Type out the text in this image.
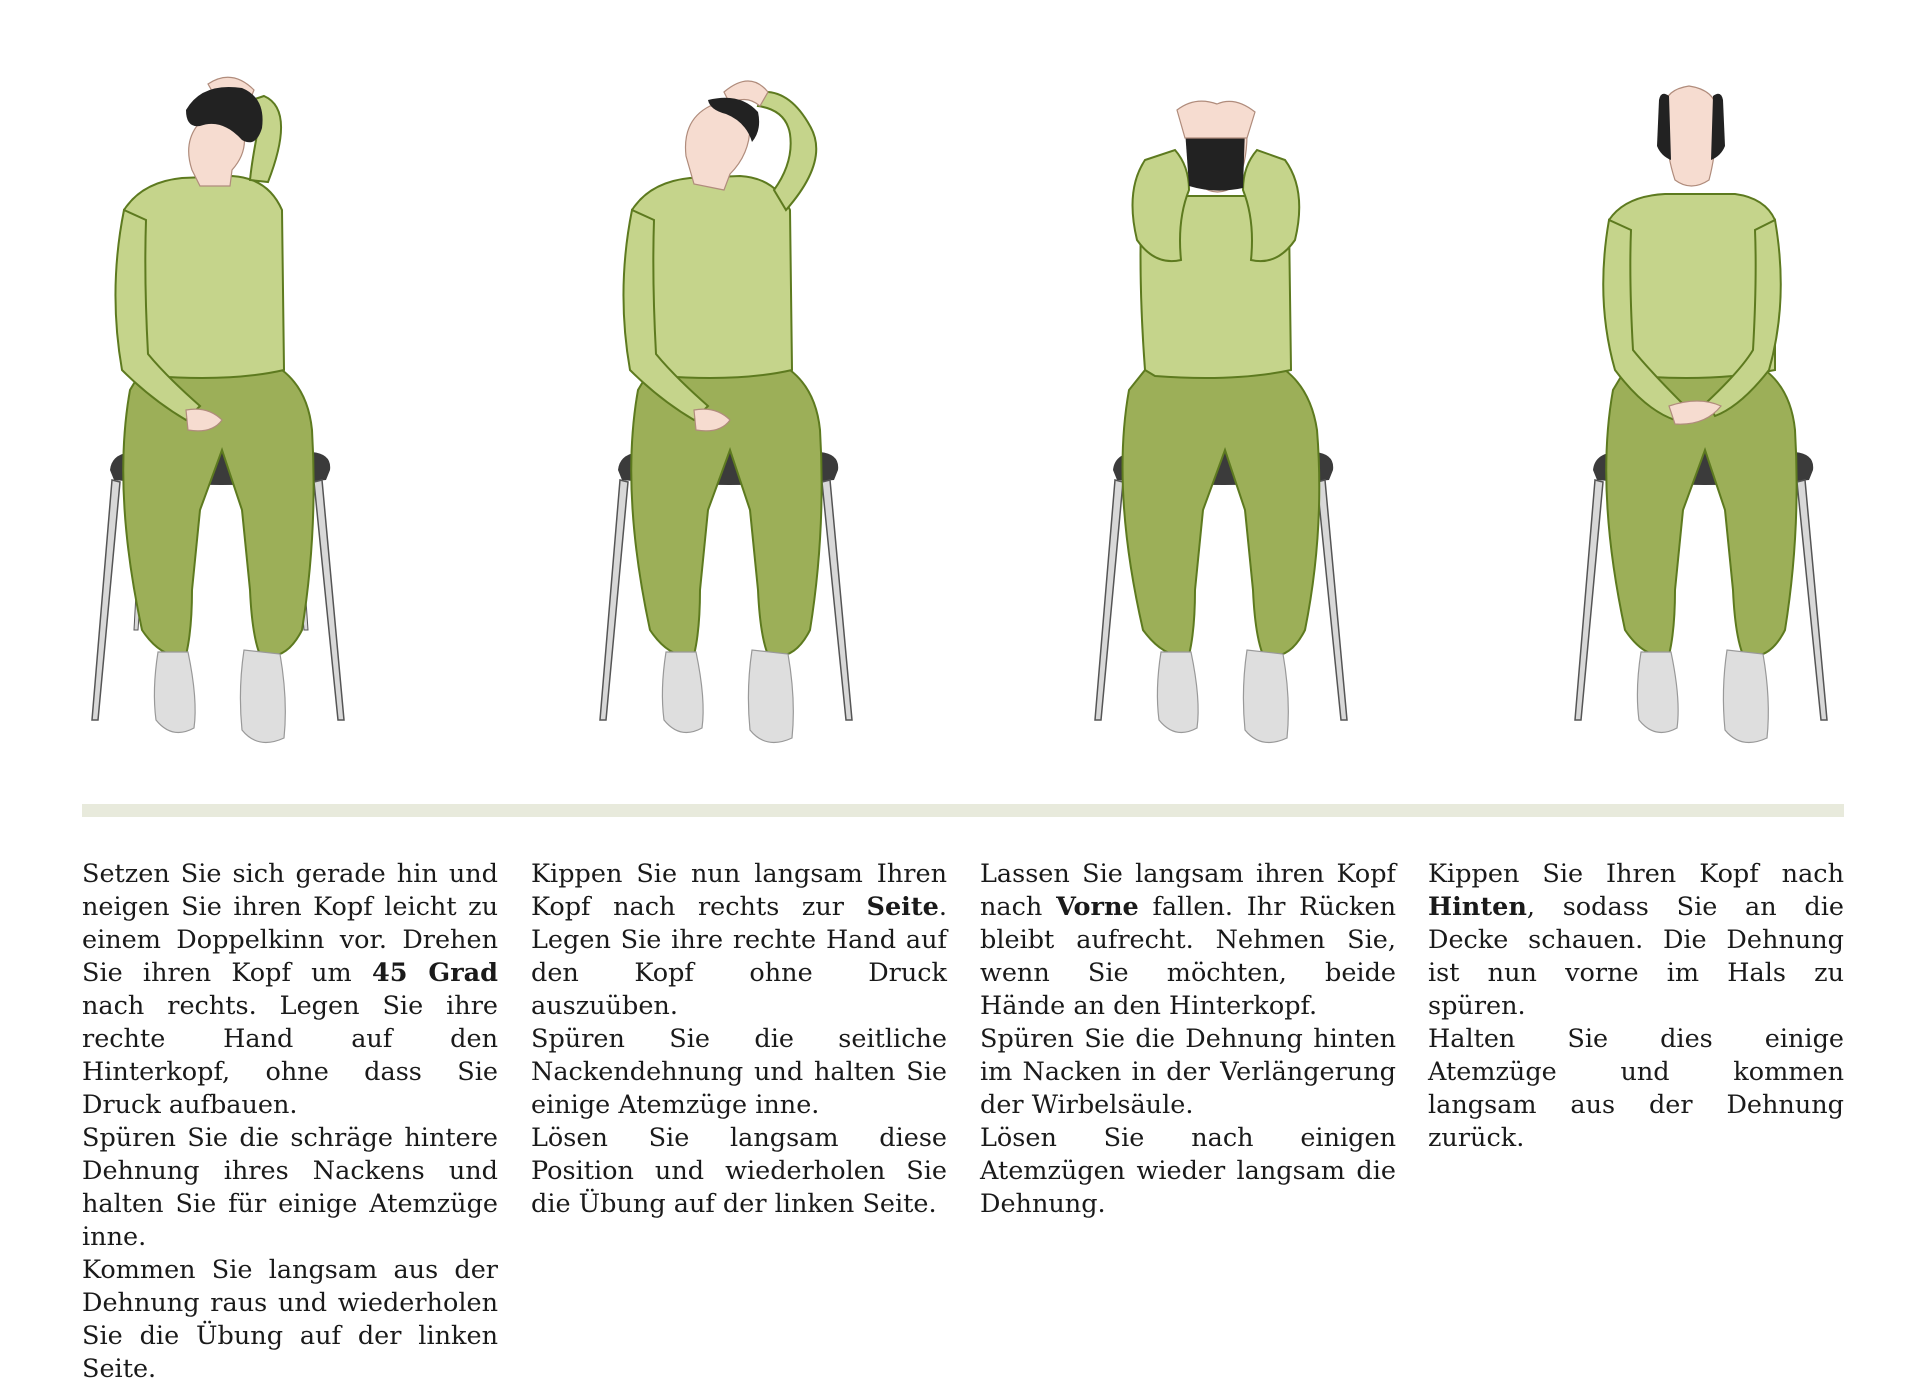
Setzen Sie sich gerade hin und neigen Sie ihren Kopf leicht zu einem Doppelkinn vor. Drehen Sie ihren Kopf um 45 Grad nach rechts. Legen Sie ihre rechte Hand auf den Hinterkopf, ohne dass Sie Druck aufbauen.

Spüren Sie die schräge hintere Dehnung ihres Nackens und halten Sie für einige Atemzüge inne.

Kommen Sie langsam aus der Dehnung raus und wiederholen Sie die Übung auf der linken Seite.

Kippen Sie nun langsam Ihren Kopf nach rechts zur Seite. Legen Sie ihre rechte Hand auf den Kopf ohne Druck auszuüben.

Spüren Sie die seitliche Nackendehnung und halten Sie einige Atemzüge inne.

Lösen Sie langsam diese Position und wiederholen Sie die Übung auf der linken Seite.

Lassen Sie langsam ihren Kopf nach Vorne fallen. Ihr Rücken bleibt aufrecht. Nehmen Sie, wenn Sie möchten, beide Hände an den Hinterkopf.

Spüren Sie die Dehnung hinten im Nacken in der Verlängerung der Wirbelsäule.

Lösen Sie nach einigen Atemzügen wieder langsam die Dehnung.

Kippen Sie Ihren Kopf nach Hinten, sodass Sie an die Decke schauen. Die Dehnung ist nun vorne im Hals zu spüren.

Halten Sie dies einige Atemzüge und kommen langsam aus der Dehnung zurück.
